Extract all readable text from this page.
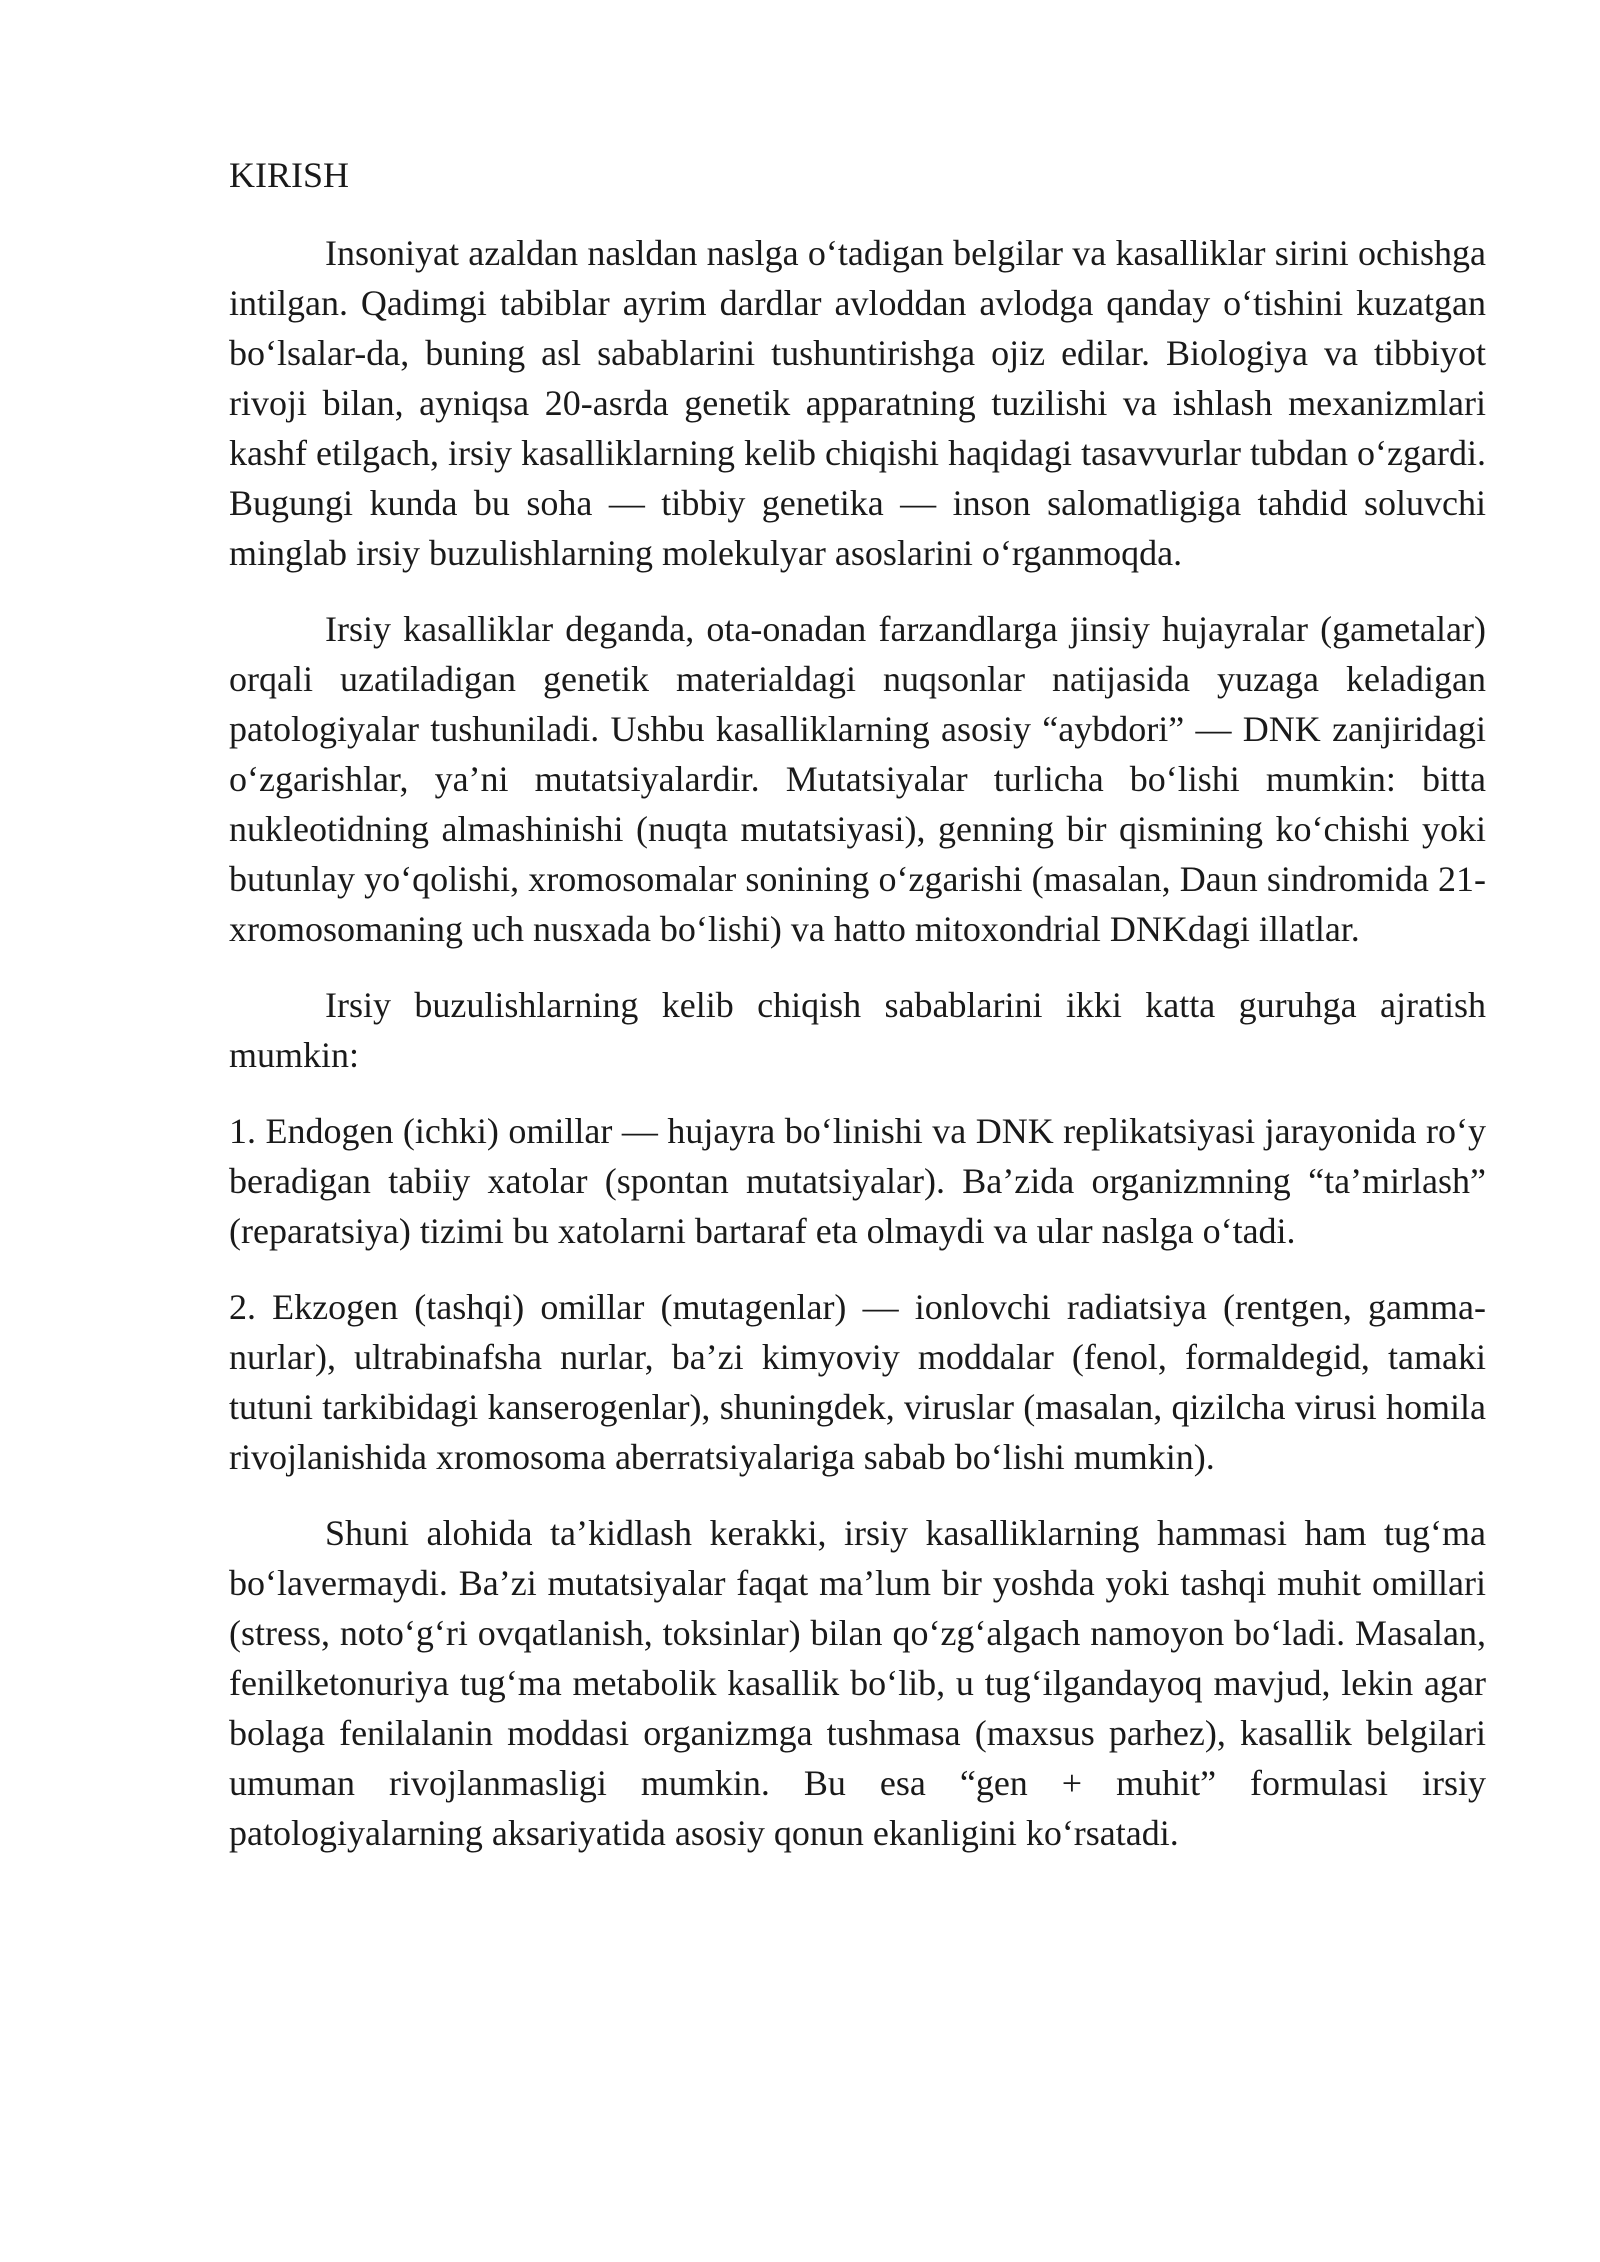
KIRISH

Insoniyat azaldan nasldan naslga o‘tadigan belgilar va kasalliklar sirini ochishga intilgan. Qadimgi tabiblar ayrim dardlar avloddan avlodga qanday o‘tishini kuzatgan bo‘lsalar-da, buning asl sabablarini tushuntirishga ojiz edilar. Biologiya va tibbiyot rivoji bilan, ayniqsa 20-asrda genetik apparatning tuzilishi va ishlash mexanizmlari kashf etilgach, irsiy kasalliklarning kelib chiqishi haqidagi tasavvurlar tubdan o‘zgardi. Bugungi kunda bu soha — tibbiy genetika — inson salomatligiga tahdid soluvchi minglab irsiy buzulishlarning molekulyar asoslarini o‘rganmoqda.

Irsiy kasalliklar deganda, ota-onadan farzandlarga jinsiy hujayralar (gametalar) orqali uzatiladigan genetik materialdagi nuqsonlar natijasida yuzaga keladigan patologiyalar tushuniladi. Ushbu kasalliklarning asosiy “aybdori” — DNK zanjiridagi o‘zgarishlar, ya’ni mutatsiyalardir. Mutatsiyalar turlicha bo‘lishi mumkin: bitta nukleotidning almashinishi (nuqta mutatsiyasi), genning bir qismining ko‘chishi yoki butunlay yo‘qolishi, xromosomalar sonining o‘zgarishi (masalan, Daun sindromida 21-xromosomaning uch nusxada bo‘lishi) va hatto mitoxondrial DNKdagi illatlar.

Irsiy buzulishlarning kelib chiqish sabablarini ikki katta guruhga ajratish mumkin:

1. Endogen (ichki) omillar — hujayra bo‘linishi va DNK replikatsiyasi jarayonida ro‘y beradigan tabiiy xatolar (spontan mutatsiyalar). Ba’zida organizmning “ta’mirlash” (reparatsiya) tizimi bu xatolarni bartaraf eta olmaydi va ular naslga o‘tadi.

2. Ekzogen (tashqi) omillar (mutagenlar) — ionlovchi radiatsiya (rentgen, gamma-nurlar), ultrabinafsha nurlar, ba’zi kimyoviy moddalar (fenol, formaldegid, tamaki tutuni tarkibidagi kanserogenlar), shuningdek, viruslar (masalan, qizilcha virusi homila rivojlanishida xromosoma aberratsiyalariga sabab bo‘lishi mumkin).

Shuni alohida ta’kidlash kerakki, irsiy kasalliklarning hammasi ham tug‘ma bo‘lavermaydi. Ba’zi mutatsiyalar faqat ma’lum bir yoshda yoki tashqi muhit omillari (stress, noto‘g‘ri ovqatlanish, toksinlar) bilan qo‘zg‘algach namoyon bo‘ladi. Masalan, fenilketonuriya tug‘ma metabolik kasallik bo‘lib, u tug‘ilgandayoq mavjud, lekin agar bolaga fenilalanin moddasi organizmga tushmasa (maxsus parhez), kasallik belgilari umuman rivojlanmasligi mumkin. Bu esa “gen + muhit” formulasi irsiy patologiyalarning aksariyatida asosiy qonun ekanligini ko‘rsatadi.
